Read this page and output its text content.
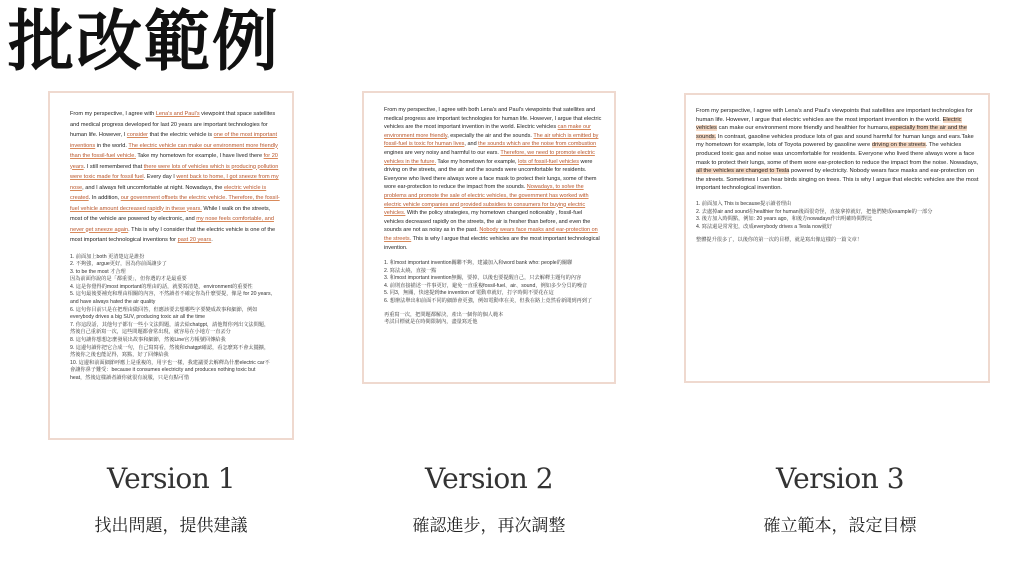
批改範例

From my perspective, I agree with Lena's and Paul's viewpoint that space satellites and medical progress developed for last 20 years are important technologies for human life. However, I consider that the electric vehicle is one of the most important inventions in the world. The electric vehicle can make our environment more friendly than the fossil-fuel vehicle. Take my hometown for example, I have lived there for 20 years. I still remembered that there were lots of vehicles which is producing pollution were toxic made for fossil fuel. Every day I went back to home, I got sneeze from my nose, and I always felt uncomfortable at night. Nowadays, the electric vehicle is created. In addition, our government offsets the electric vehicle. Therefore, the fossil-fuel vehicle amount decreased rapidly in these years. While I walk on the streets, most of the vehicle are powered by electronic, and my nose feels comfortable, and never get sneeze again. This is why I consider that the electric vehicle is one of the most important technological inventions for past 20 years.

1. 前面加上both 更清楚這是誰扮
2. 不夠強，argue更好，因為你前面讓步了
3. to be the most 才合理
因為前面你說的是「都重要」，但你選的才是最重要
4. 這是你覺得的most important的理由的話，就要寫清楚，environment的重要性
5. 這句最後要補充和理由相關的內容，不然讀者不確定你為什麼要提，像是 for 20 years,
and have always hated the air quality
6. 這句你目前只是在把理由做回答，但應該要去想哪些字要變成故事和細節，例如
everybody drives a big SUV, producing toxic air all the time
7. 你這段話，其他句子都有一些小文法問題，請去給chatgpt，請他幫你列出文法問題，
然後自己重新寫一次，這些問題都會常出現，就容易在小地方一直丟分
8. 這句讓你想想怎麼發展出故事和細節，然後Line官方帳號回傳給我
9. 這邊句讀你把它合成一句，自己寫寫看，然後和chatgpt確認，看怎麼寫不會太攏擴，
然後你之後也能記得，寫點，好了回傳給我
10. 這邊和前面細節呼應上是重複的，用字也一樣，我建議要去解釋為什麼electric car不
會讓你鼻子難受：because it consumes electricity and produces nothing toxic but
heat，然後這樣讀者讀你就很有說服，只是有點可惜

From my perspective, I agree with both Lena's and Paul's viewpoints that satellites and medical progress are important technologies for human life. However, I argue that electric vehicles are the most important invention in the world. Electric vehicles can make our environment more friendly, especially the air and the sounds. The air which is emitted by fossil-fuel is toxic for human lives, and the sounds which are the noise from combustion engines are very noisy and harmful to our ears. Therefore, we need to promote electric vehicles in the future. Take my hometown for example, lots of fossil-fuel vehicles were driving on the streets, and the air and the sounds were uncomfortable for residents. Everyone who lived there always wore a face mask to protect their lungs, some of them wore ear-protection to reduce the impact from the sounds. Nowadays, to solve the problems and promote the sale of electric vehicles, the government has worked with electric vehicle companies and provided subsidies to consumers for buying electric vehicles. With the policy strategies, my hometown changed noticeably , fossil-fuel vehicles decreased rapidly on the streets, the air is fresher than before, and even the sounds are not as noisy as in the past. Nobody wears face masks and ear-protection on the streets. This is why I argue that electric vehicles are the most important technological invention.

1. 和most important invention關聯不夠，建議加入和word bank who: people的關聯
2. 寫法太繞，直接一點
3. 和most important invention無關，要掉，以後也要提醒自己，只去解釋主題句的內容
4. 前則直接描述一件事更好，避免一直重複fossil-fuel、air、sound，例如多少分貝的噪音
5. 同3，無關，快速提到the invention of 電動車就好，打字時間不要花在這
6. 想辦法舉出和前面不同的細節會更強，例如電動車在美，但我在路上竟然看新聞到再到了
再重寫一次，把問題都解決，產出一個你的個人範本
考試目標就是在時間限制內，盡量寫近他

From my perspective, I agree with Lena's and Paul's viewpoints that satellites are important technologies for human life. However, I argue that electric vehicles are the most important invention in the world. Electric vehicles can make our environment more friendly and healthier for humans,especially from the air and the sounds. In contrast, gasoline vehicles produce lots of gas and sound harmful for human lungs and ears.Take my hometown for example, lots of Toyota powered by gasoline were driving on the streets. The vehicles produced toxic gas and noise was uncomfortable for residents. Everyone who lived there always wore a face mask to protect their lungs, some of them wore ear-protection to reduce the impact from the noise. Nowadays, all the vehicles are changed to Tesla powered by electricity. Nobody wears face masks and ear-protection on the streets. Sometimes I can hear birds singing on trees. This is why I argue that electric vehicles are the most important technological invention.

1. 前面加入 This is because提示讀者理由
2. 去處掉air and sound在healthier for human後面很奇怪，直接拿掉就好，把他們變成example的一部分
3. 後方加入時間點，例如: 20 years ago，和後方nowadays作出明確時間對比
4. 寫法還是常常犯，改成everybody drives a Tesla now就好
整體提升很多了，以後你的第一次的目標，就是寫出像這樣的一篇文章！
Version 1	Version 2	Version 3
找出問題，提供建議	確認進步，再次調整	確立範本，設定目標
